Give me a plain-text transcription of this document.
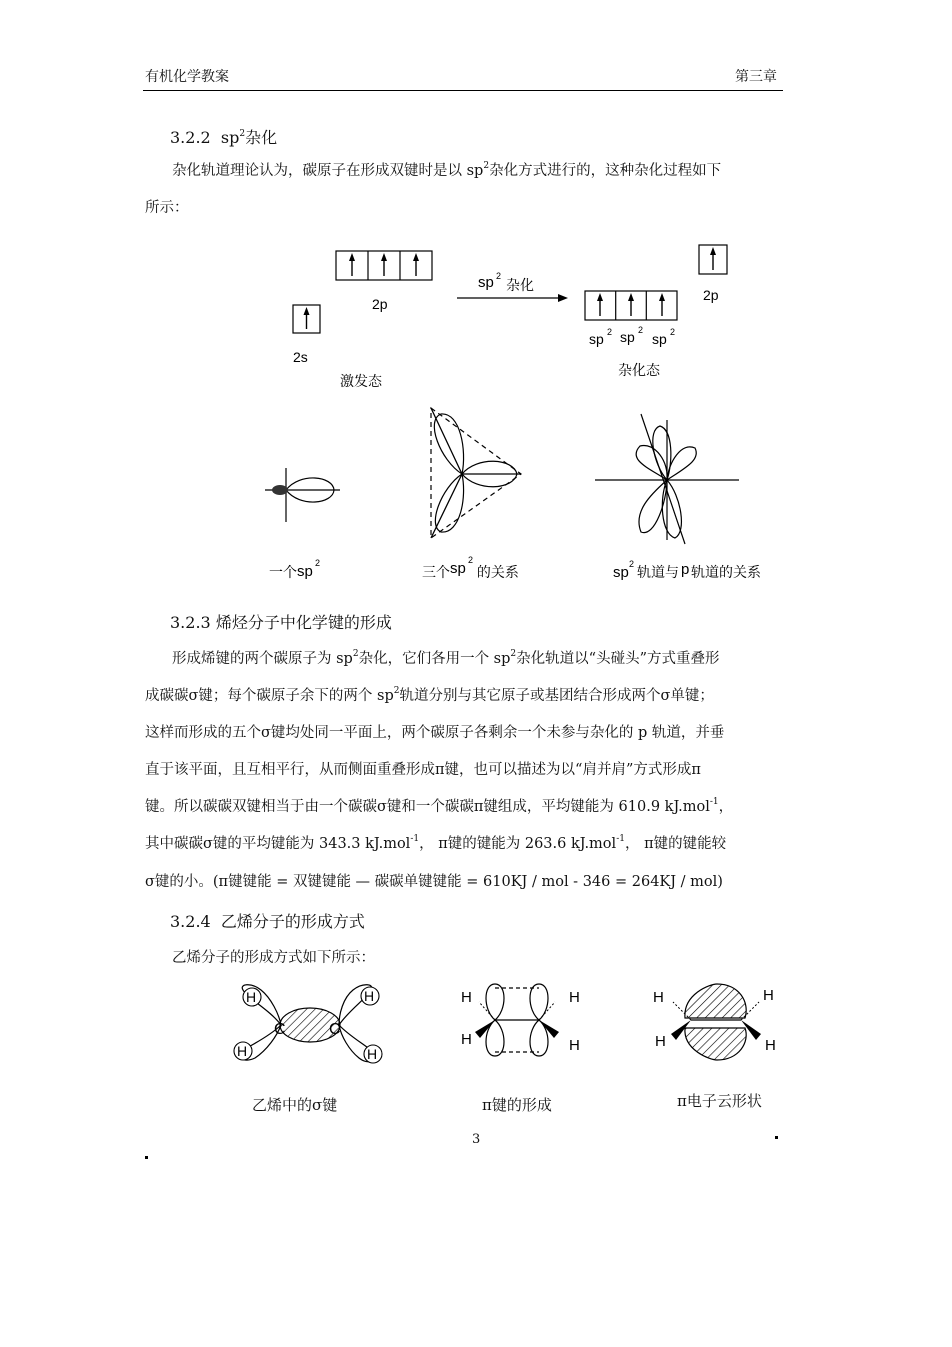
有机化学教案	第三章
3.2.2 $sp^2$杂化
杂化轨道理论认为，碳原子在形成双键时是以 $sp^2$杂化方式进行的，这种杂化过程如下

所示：
2s
2p
激发态
sp 2
杂化
sp 2 sp 2
sp 2
杂化态
2p
一个 sp 2
三个 sp 2
的关系	sp 2 轨道与 p 轨道的关系
3.2.3 烯烃分子中化学键的形成
形成烯键的两个碳原子为 $sp^2$杂化，它们各用一个 $sp^2$杂化轨道以“头碰头”方式重叠形
成碳碳σ键；每个碳原子余下的两个 $sp^2$轨道分别与其它原子或基团结合形成两个σ单键；
这样而形成的五个σ键均处同一平面上，两个碳原子各剩余一个未参与杂化的 p 轨道，并垂
直于该平面，且互相平行，从而侧面重叠形成π键，也可以描述为以“肩并肩”方式形成π
键。所以碳碳双键相当于由一个碳碳σ键和一个碳碳π键组成，平均键能为 610.9 kJ.mol$^{-1}$，
其中碳碳σ键的平均键能为 343.3 kJ.mol$^{-1}$， π键的键能为 263.6 kJ.mol$^{-1}$， π键的键能较
σ键的小。(π键键能 = 双键键能 — 碳碳单键键能 = 610KJ / mol - 346 = 264KJ / mol)
3.2.4 乙烯分子的形成方式
乙烯分子的形成方式如下所示：
H	H
H	H
C	C
H
H
H
H
H
H
H
H
乙烯中的σ键	π键的形成	π电子云形状
3
